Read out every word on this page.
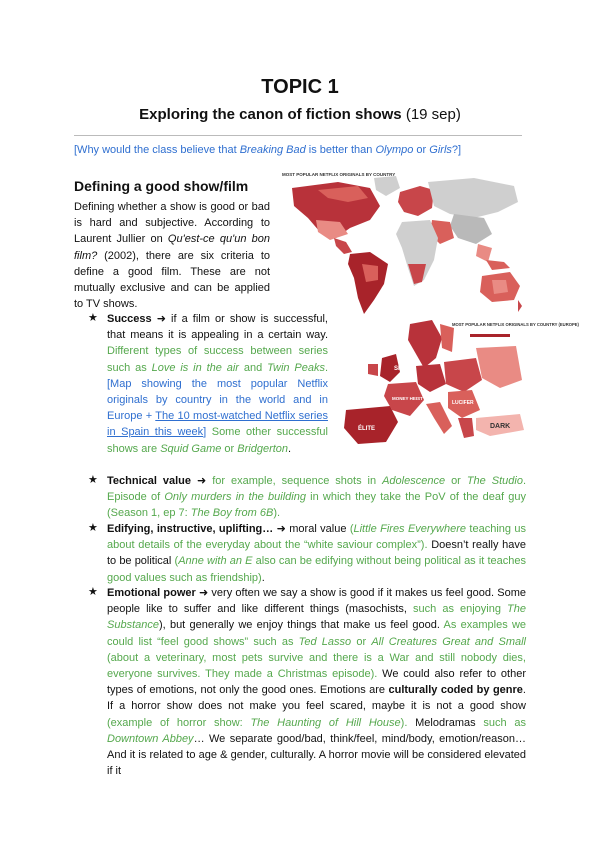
TOPIC 1
Exploring the canon of fiction shows (19 sep)
[Why would the class believe that Breaking Bad is better than Olympo or Girls?]
Defining a good show/film
Defining whether a show is good or bad is hard and subjective. According to Laurent Jullier on Qu'est-ce qu'un bon film? (2002), there are six criteria to define a good film. These are not mutually exclusive and can be applied to TV shows.
MOST POPULAR NETFLIX ORIGINALS BY COUNTRY
MOST POPULAR NETFLIX ORIGINALS BY COUNTRY (EUROPE)
SKINS
DARK
ÉLITE
LUCIFER
MONEY HEIST
★ Success ➜ if a film or show is successful, that means it is appealing in a certain way. Different types of success between series such as Love is in the air and Twin Peaks. [Map showing the most popular Netflix originals by country in the world and in Europe + The 10 most-watched Netflix series in Spain this week] Some other successful shows are Squid Game or Bridgerton.
★ Technical value ➜ for example, sequence shots in Adolescence or The Studio. Episode of Only murders in the building in which they take the PoV of the deaf guy (Season 1, ep 7: The Boy from 6B).
★ Edifying, instructive, uplifting… ➜ moral value (Little Fires Everywhere teaching us about details of the everyday about the “white saviour complex”). Doesn’t really have to be political (Anne with an E also can be edifying without being political as it teaches good values such as friendship).
★ Emotional power ➜ very often we say a show is good if it makes us feel good. Some people like to suffer and like different things (masochists, such as enjoying The Substance), but generally we enjoy things that make us feel good. As examples we could list “feel good shows” such as Ted Lasso or All Creatures Great and Small (about a veterinary, most pets survive and there is a War and still nobody dies, everyone survives. They made a Christmas episode). We could also refer to other types of emotions, not only the good ones. Emotions are culturally coded by genre. If a horror show does not make you feel scared, maybe it is not a good show (example of horror show: The Haunting of Hill House). Melodramas such as Downtown Abbey… We separate good/bad, think/feel, mind/body, emotion/reason… And it is related to age & gender, culturally. A horror movie will be considered elevated if it
